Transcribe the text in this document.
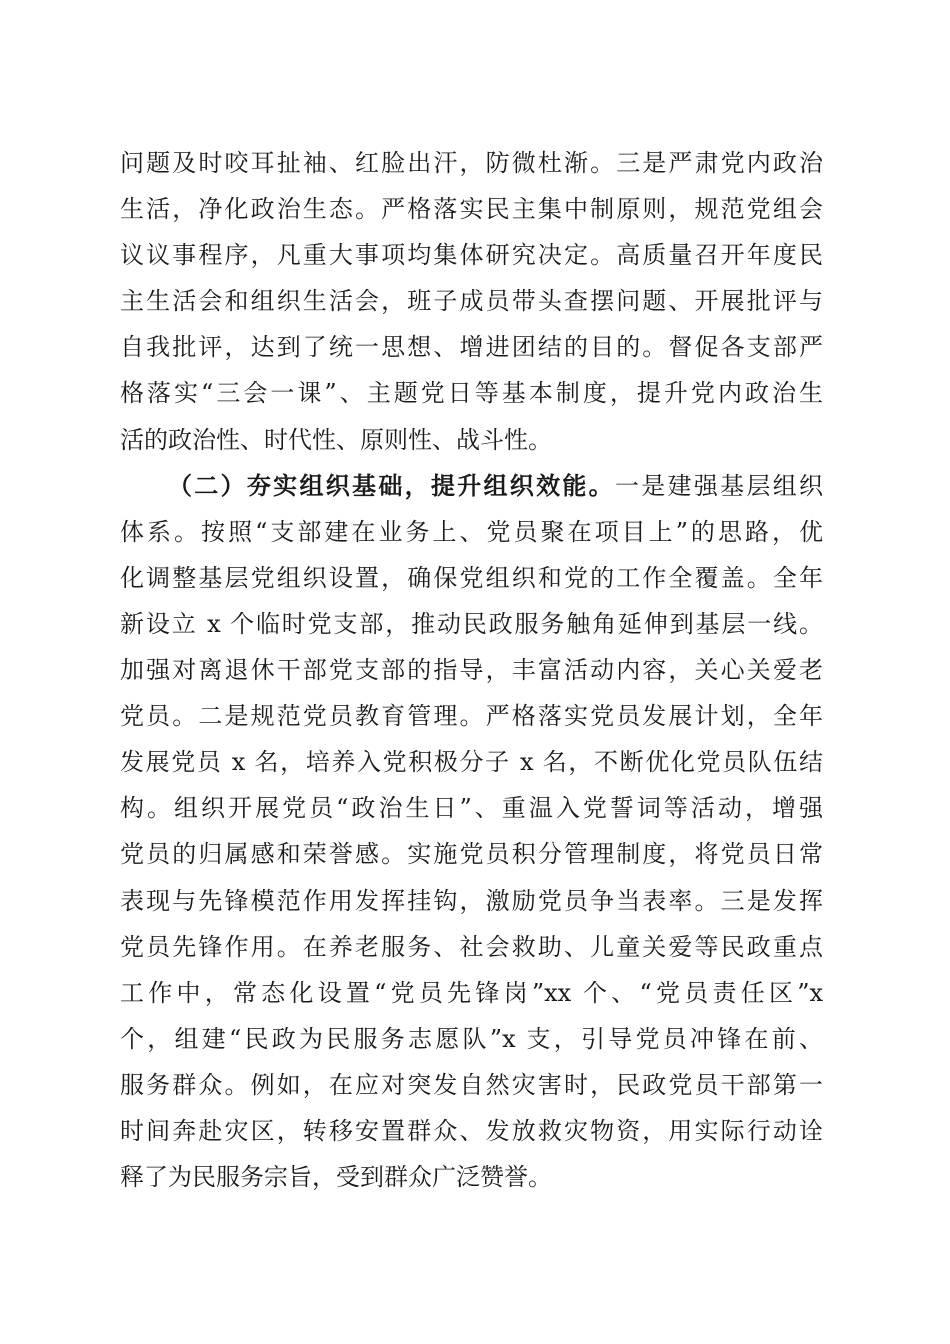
问题及时咬耳扯袖、红脸出汗，防微杜渐。三是严肃党内政治
生活，净化政治生态。严格落实民主集中制原则，规范党组会
议议事程序，凡重大事项均集体研究决定。高质量召开年度民
主生活会和组织生活会，班子成员带头查摆问题、开展批评与
自我批评，达到了统一思想、增进团结的目的。督促各支部严
格落实“三会一课”、主题党日等基本制度，提升党内政治生
活的政治性、时代性、原则性、战斗性。
（二）夯实组织基础，提升组织效能。一是建强基层组织
体系。按照“支部建在业务上、党员聚在项目上”的思路，优
化调整基层党组织设置，确保党组织和党的工作全覆盖。全年
新设立 x 个临时党支部，推动民政服务触角延伸到基层一线。
加强对离退休干部党支部的指导，丰富活动内容，关心关爱老
党员。二是规范党员教育管理。严格落实党员发展计划，全年
发展党员 x 名，培养入党积极分子 x 名，不断优化党员队伍结
构。组织开展党员“政治生日”、重温入党誓词等活动，增强
党员的归属感和荣誉感。实施党员积分管理制度，将党员日常
表现与先锋模范作用发挥挂钩，激励党员争当表率。三是发挥
党员先锋作用。在养老服务、社会救助、儿童关爱等民政重点
工作中，常态化设置“党员先锋岗”xx 个、“党员责任区”x
个，组建“民政为民服务志愿队”x 支，引导党员冲锋在前、
服务群众。例如，在应对突发自然灾害时，民政党员干部第一
时间奔赴灾区，转移安置群众、发放救灾物资，用实际行动诠
释了为民服务宗旨，受到群众广泛赞誉。
